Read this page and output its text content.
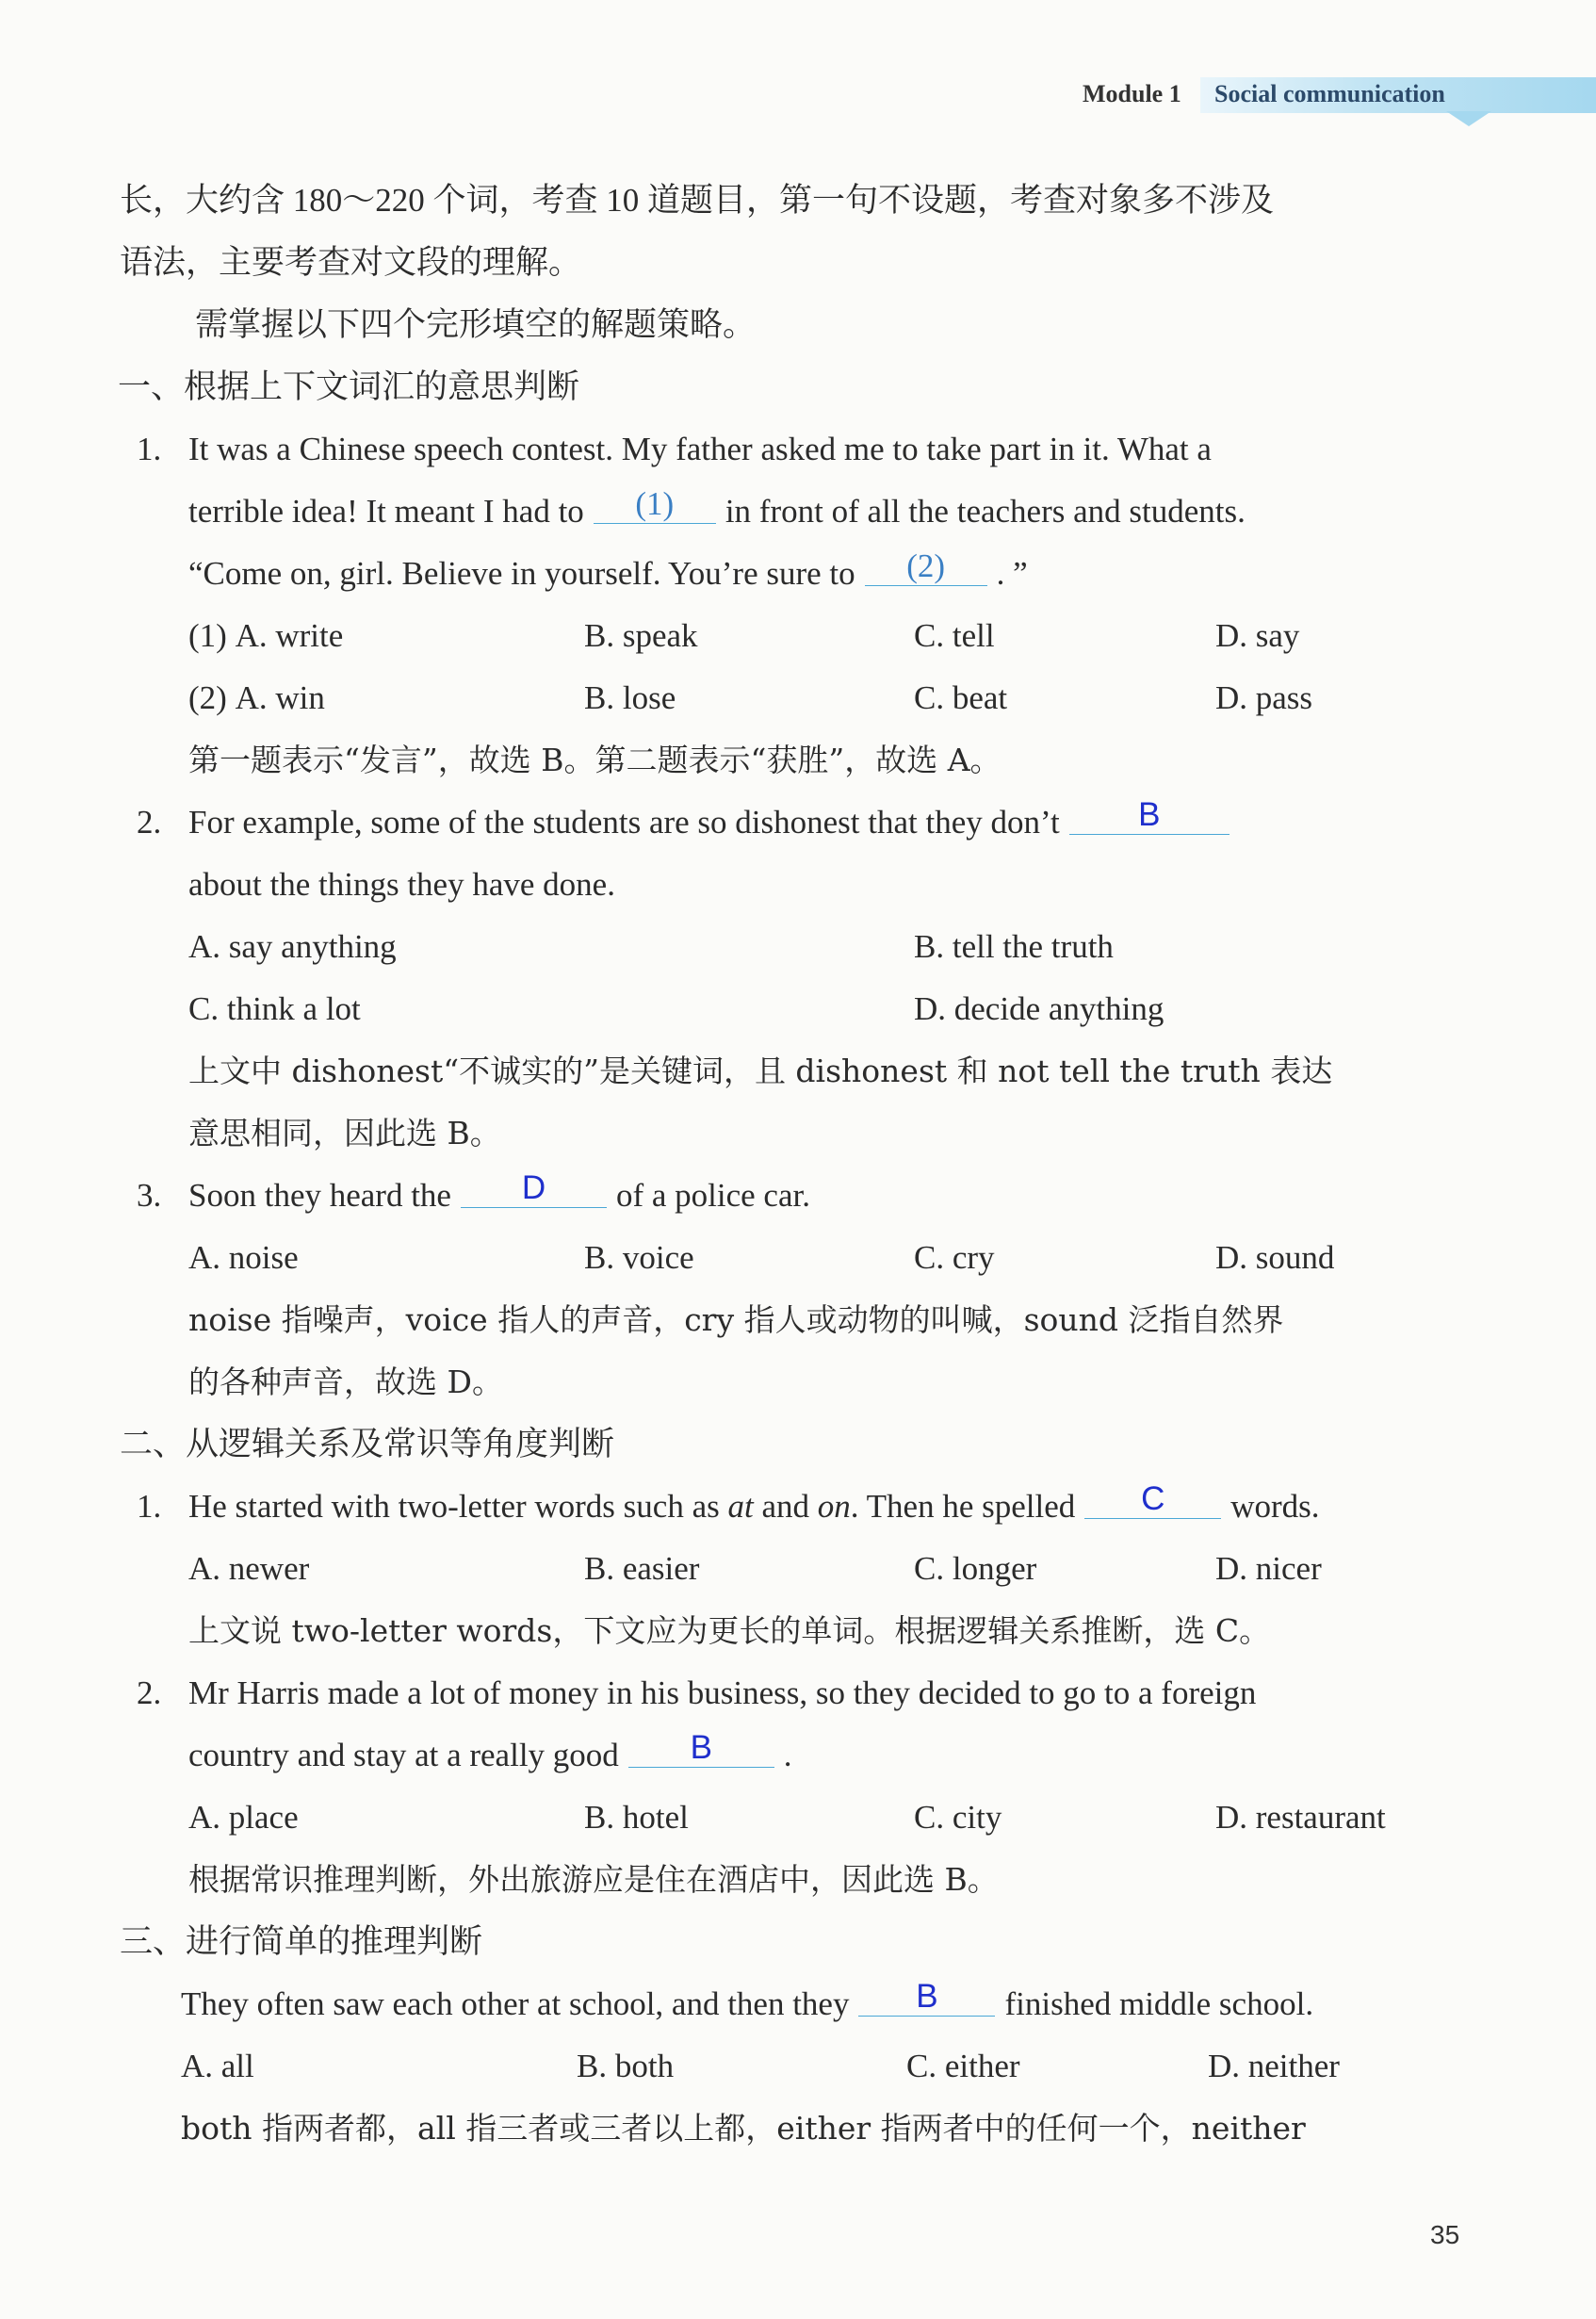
Module 1 Social communication
长，大约含 180～220 个词，考查 10 道题目，第一句不设题，考查对象多不涉及
语法，主要考查对文段的理解。
需掌握以下四个完形填空的解题策略。
一、根据上下文词汇的意思判断
1. It was a Chinese speech contest. My father asked me to take part in it. What a
terrible idea! It meant I had to (1) in front of all the teachers and students.
“Come on, girl. Believe in yourself. You’re sure to (2) . ”
(1) A. write	B. speak	C. tell	D. say
(2) A. win	B. lose	C. beat	D. pass
第一题表示“发言”，故选 B。第二题表示“获胜”，故选 A。
2. For example, some of the students are so dishonest that they don’t B
about the things they have done.
A. say anything	B. tell the truth
C. think a lot	D. decide anything
上文中 dishonest“不诚实的”是关键词，且 dishonest 和 not tell the truth 表达
意思相同，因此选 B。
3. Soon they heard the D of a police car.
A. noise	B. voice	C. cry	D. sound
noise 指噪声，voice 指人的声音，cry 指人或动物的叫喊，sound 泛指自然界
的各种声音，故选 D。
二、从逻辑关系及常识等角度判断
1. He started with two-letter words such as at and on. Then he spelled C words.
A. newer	B. easier	C. longer	D. nicer
上文说 two-letter words，下文应为更长的单词。根据逻辑关系推断，选 C。
2. Mr Harris made a lot of money in his business, so they decided to go to a foreign
country and stay at a really good B .
A. place	B. hotel	C. city	D. restaurant
根据常识推理判断，外出旅游应是住在酒店中，因此选 B。
三、进行简单的推理判断
They often saw each other at school, and then they B finished middle school.
A. all	B. both	C. either	D. neither
both 指两者都，all 指三者或三者以上都，either 指两者中的任何一个，neither
35
